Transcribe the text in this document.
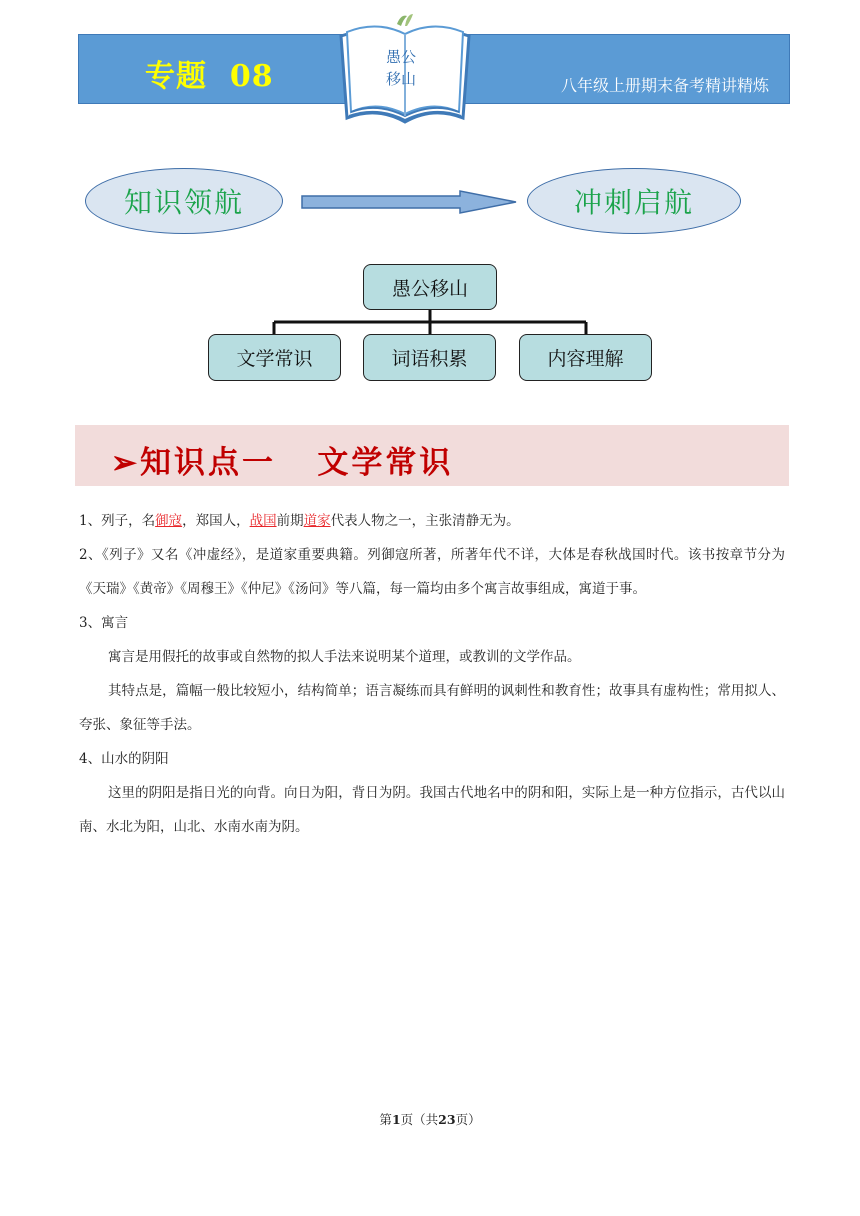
专题  08	八年级上册期末备考精讲精炼
愚公
移山
知识领航	冲刺启航
愚公移山
文学常识	词语积累	内容理解
➢知识点一   文学常识

1、列子，名御寇，郑国人，战国前期道家代表人物之一，主张清静无为。

2、《列子》又名《冲虚经》，是道家重要典籍。列御寇所著，所著年代不详，大体是春秋战国时代。该书按章节分为《天瑞》《黄帝》《周穆王》《仲尼》《汤问》等八篇，每一篇均由多个寓言故事组成，寓道于事。

3、寓言

寓言是用假托的故事或自然物的拟人手法来说明某个道理，或教训的文学作品。

其特点是，篇幅一般比较短小，结构简单；语言凝练而具有鲜明的讽刺性和教育性；故事具有虚构性；常用拟人、夸张、象征等手法。

4、山水的阴阳

这里的阴阳是指日光的向背。向日为阳，背日为阴。我国古代地名中的阴和阳，实际上是一种方位指示，古代以山南、水北为阳，山北、水南水南为阴。

第1页（共23页）
